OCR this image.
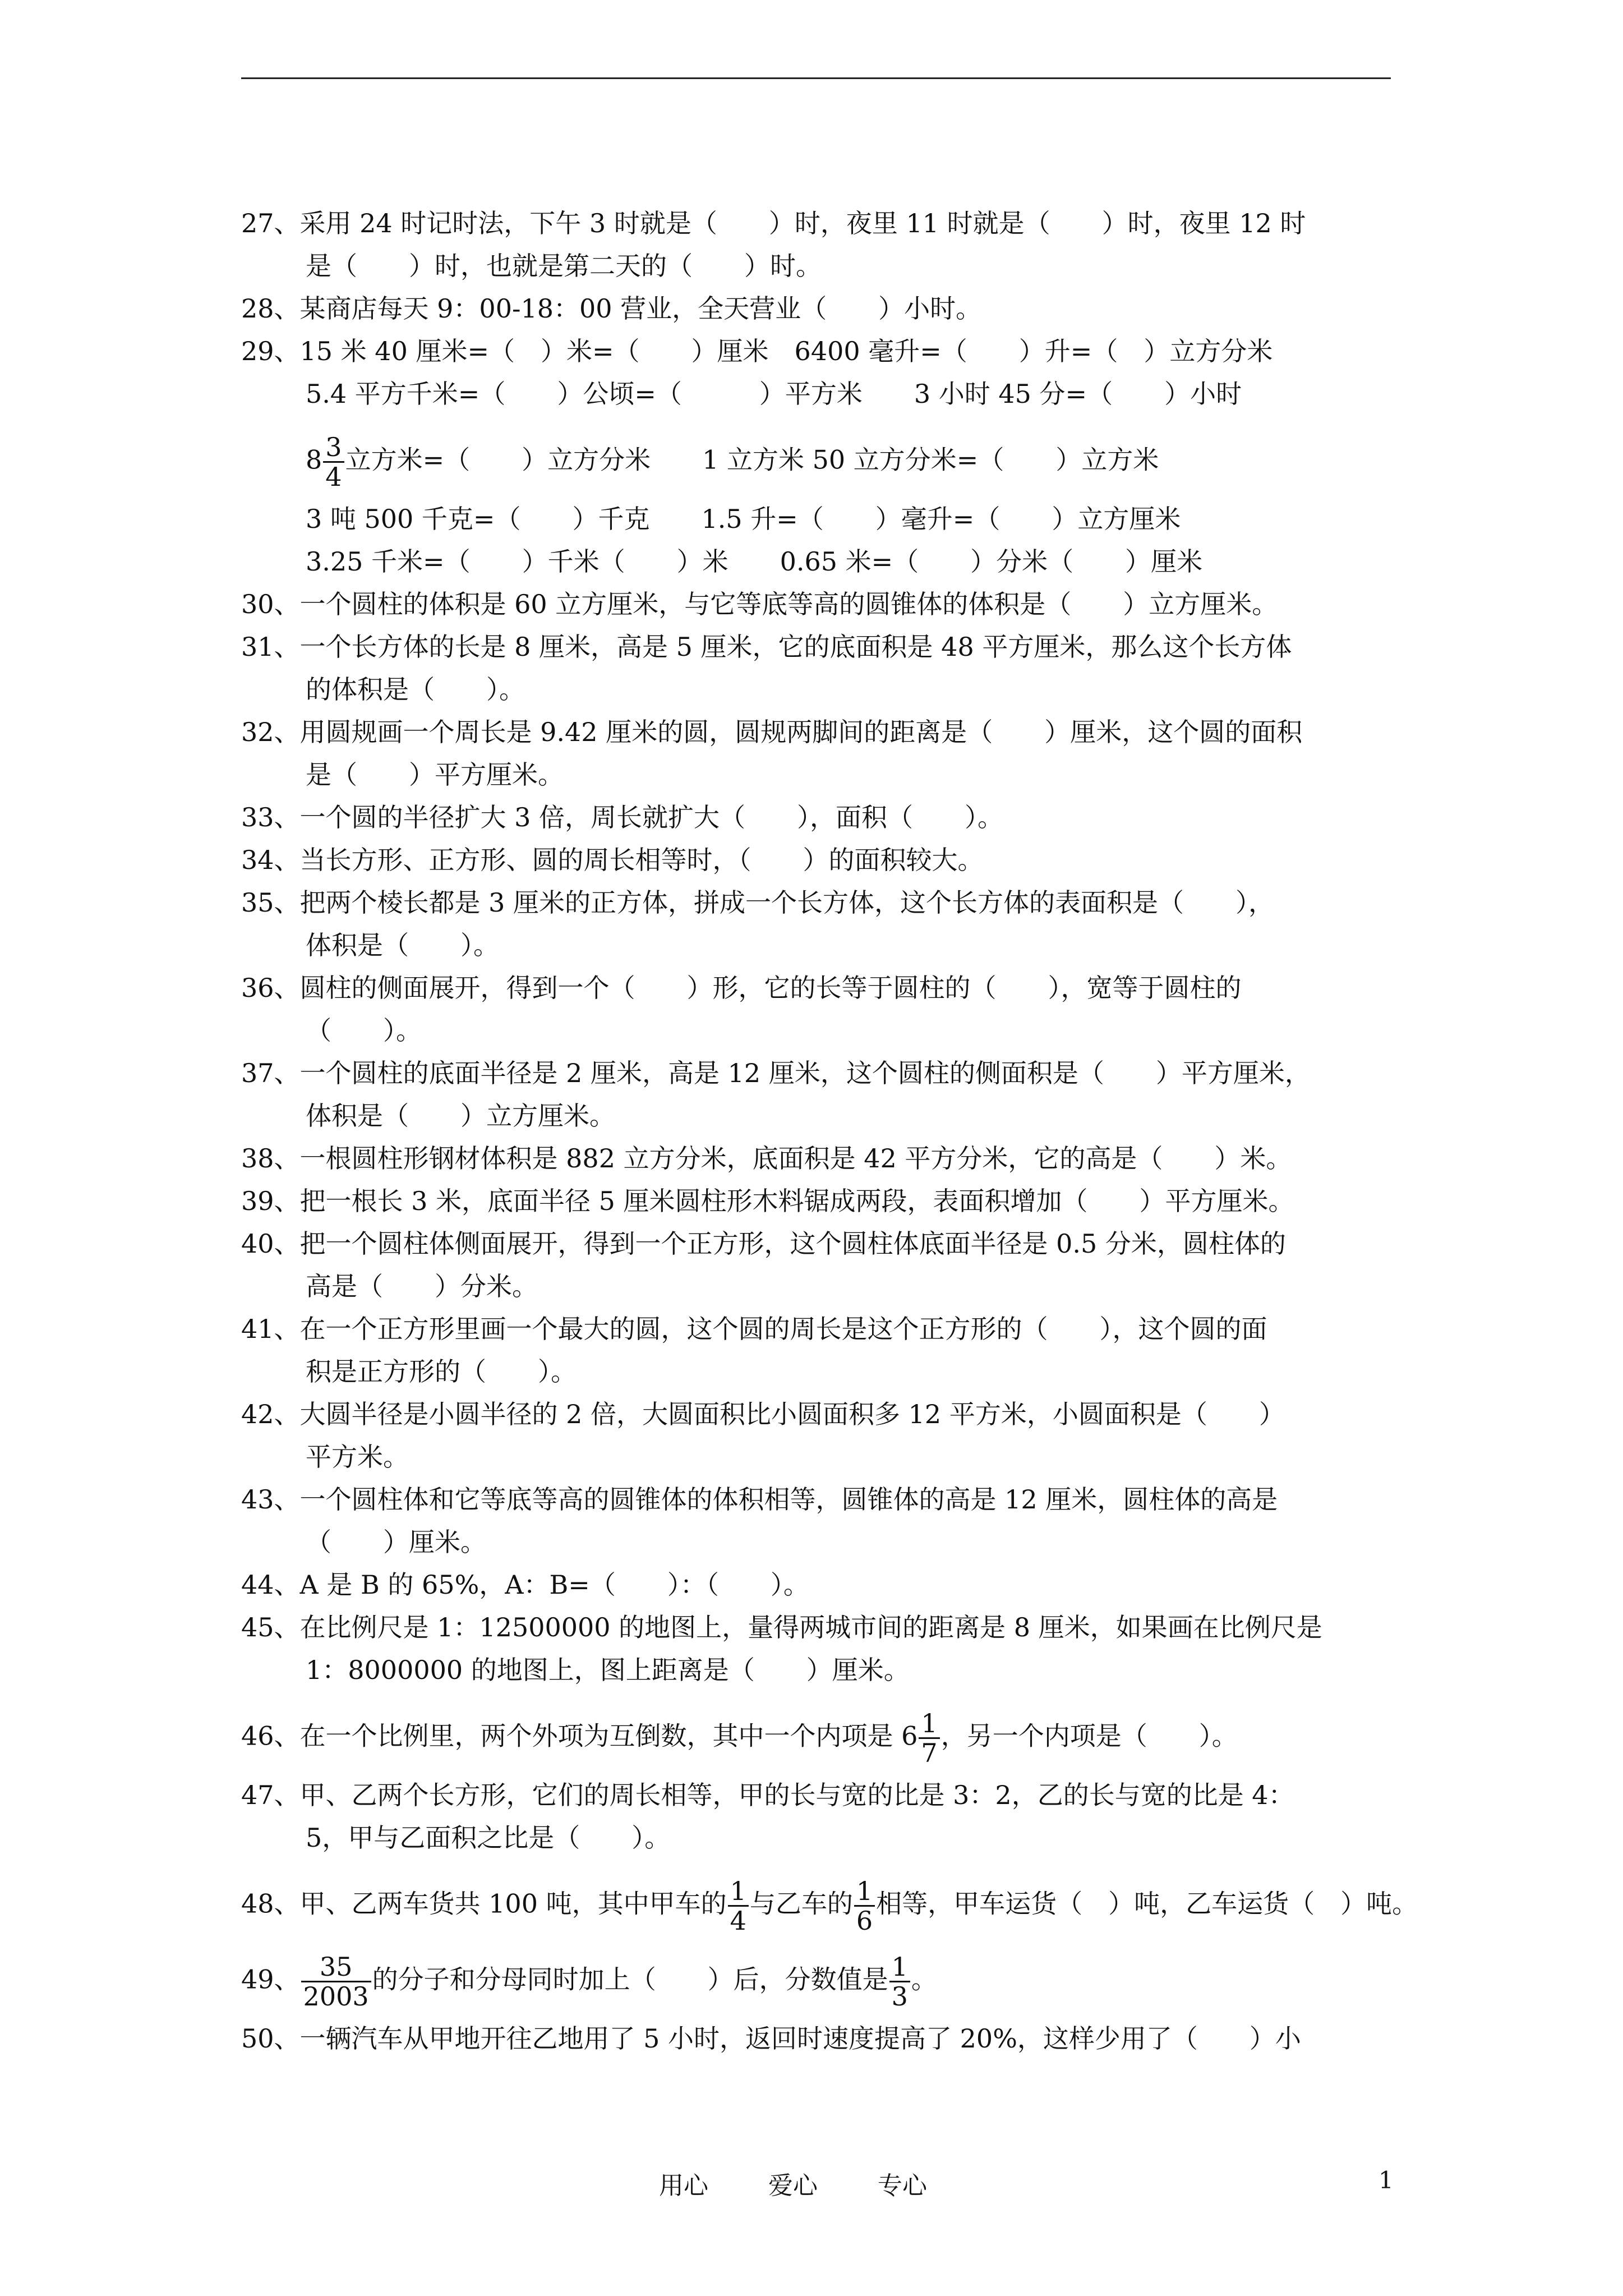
27、采用 24 时记时法，下午 3 时就是（　　）时，夜里 11 时就是（　　）时，夜里 12 时
是（　　）时，也就是第二天的（　　）时。
28、某商店每天 9：00-18：00 营业，全天营业（　　）小时。
29、15 米 40 厘米=（　）米=（　　）厘米　6400 毫升=（　　）升=（　）立方分米
5.4 平方千米=（　　）公顷=（　　　）平方米　　3 小时 45 分=（　　）小时
$8 \frac{3}{4}$ 立方米=（　　）立方分米　　1 立方米 50 立方分米=（　　）立方米
3 吨 500 千克=（　　）千克　　1.5 升=（　　）毫升=（　　）立方厘米
3.25 千米=（　　）千米（　　）米　　0.65 米=（　　）分米（　　）厘米
30、一个圆柱的体积是 60 立方厘米，与它等底等高的圆锥体的体积是（　　）立方厘米。
31、一个长方体的长是 8 厘米，高是 5 厘米，它的底面积是 48 平方厘米，那么这个长方体
的体积是（　　）。
32、用圆规画一个周长是 9.42 厘米的圆，圆规两脚间的距离是（　　）厘米，这个圆的面积
是（　　）平方厘米。
33、一个圆的半径扩大 3 倍，周长就扩大（　　），面积（　　）。
34、当长方形、正方形、圆的周长相等时，（　　）的面积较大。
35、把两个棱长都是 3 厘米的正方体，拼成一个长方体，这个长方体的表面积是（　　），
体积是（　　）。
36、圆柱的侧面展开，得到一个（　　）形，它的长等于圆柱的（　　），宽等于圆柱的
（　　）。
37、一个圆柱的底面半径是 2 厘米，高是 12 厘米，这个圆柱的侧面积是（　　）平方厘米，
体积是（　　）立方厘米。
38、一根圆柱形钢材体积是 882 立方分米，底面积是 42 平方分米，它的高是（　　）米。
39、把一根长 3 米，底面半径 5 厘米圆柱形木料锯成两段，表面积增加（　　）平方厘米。
40、把一个圆柱体侧面展开，得到一个正方形，这个圆柱体底面半径是 0.5 分米，圆柱体的
高是（　　）分米。
41、在一个正方形里画一个最大的圆，这个圆的周长是这个正方形的（　　），这个圆的面
积是正方形的（　　）。
42、大圆半径是小圆半径的 2 倍，大圆面积比小圆面积多 12 平方米，小圆面积是（　　）
平方米。
43、一个圆柱体和它等底等高的圆锥体的体积相等，圆锥体的高是 12 厘米，圆柱体的高是
（　　）厘米。
44、A 是 B 的 65%，A：B=（　　）：（　　）。
45、在比例尺是 1：12500000 的地图上，量得两城市间的距离是 8 厘米，如果画在比例尺是
1：8000000 的地图上，图上距离是（　　）厘米。
46、在一个比例里，两个外项为互倒数，其中一个内项是 $6 \frac{1}{7}$ ，另一个内项是（　　）。
47、甲、乙两个长方形，它们的周长相等，甲的长与宽的比是 3：2，乙的长与宽的比是 4：
5，甲与乙面积之比是（　　）。
48、甲、乙两车货共 100 吨，其中甲车的 $\frac{1}{4}$ 与乙车的 $\frac{1}{6}$ 相等，甲车运货（　）吨，乙车运货（　）吨。
49、 $\frac{35}{2003}$ 的分子和分母同时加上（　　）后，分数值是 $\frac{1}{3}$ 。
50、一辆汽车从甲地开往乙地用了 5 小时，返回时速度提高了 20%，这样少用了（　　）小
用心 爱心 专心	1
